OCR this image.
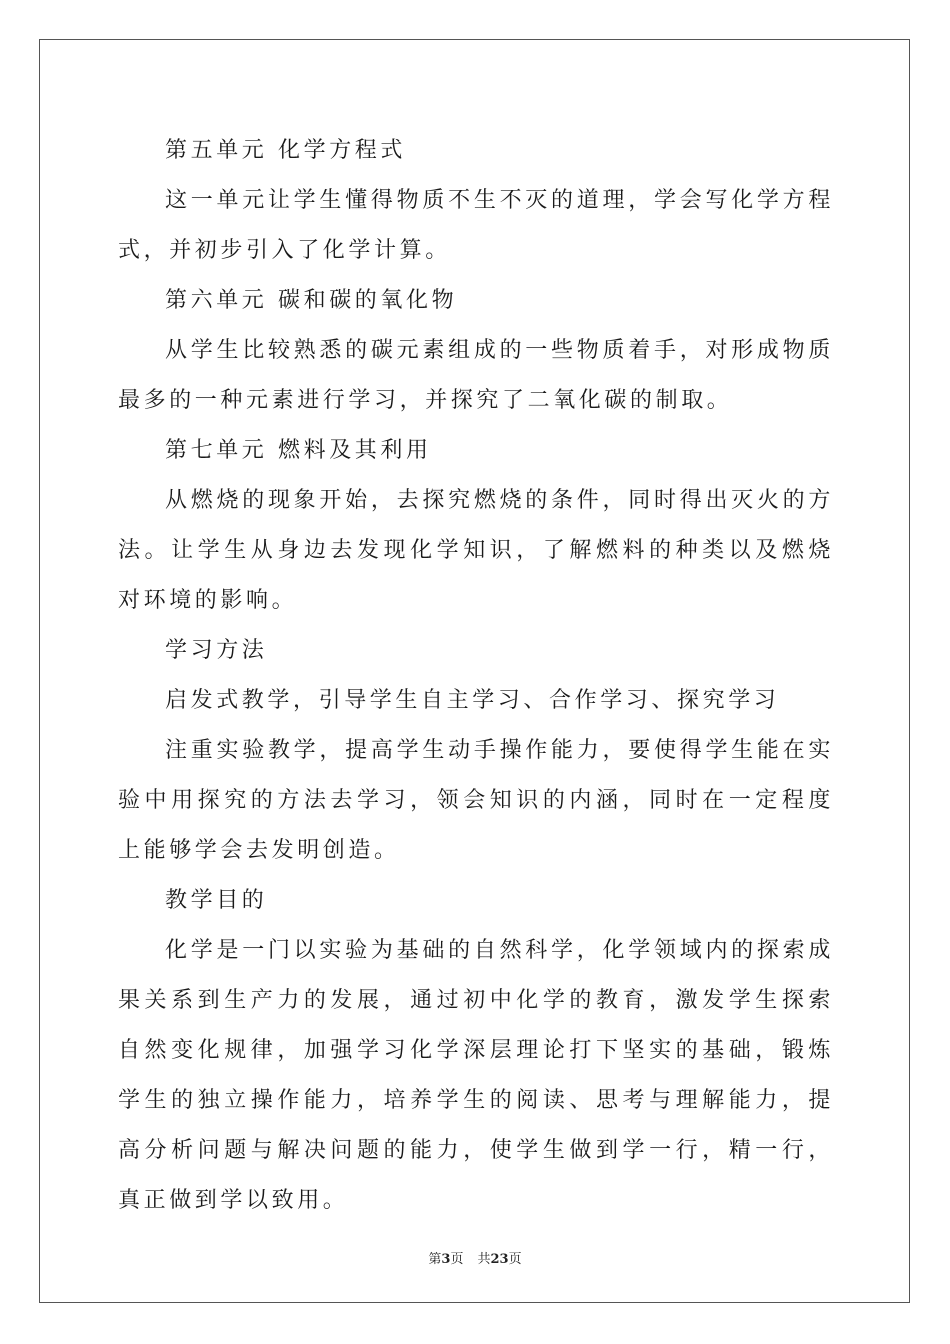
第五单元 化学方程式

这一单元让学生懂得物质不生不灭的道理，学会写化学方程式，并初步引入了化学计算。

第六单元 碳和碳的氧化物

从学生比较熟悉的碳元素组成的一些物质着手，对形成物质最多的一种元素进行学习，并探究了二氧化碳的制取。

第七单元 燃料及其利用

从燃烧的现象开始，去探究燃烧的条件，同时得出灭火的方法。让学生从身边去发现化学知识，了解燃料的种类以及燃烧对环境的影响。

学习方法

启发式教学，引导学生自主学习、合作学习、探究学习

注重实验教学，提高学生动手操作能力，要使得学生能在实验中用探究的方法去学习，领会知识的内涵，同时在一定程度上能够学会去发明创造。

教学目的

化学是一门以实验为基础的自然科学，化学领域内的探索成果关系到生产力的发展，通过初中化学的教育，激发学生探索自然变化规律，加强学习化学深层理论打下坚实的基础，锻炼学生的独立操作能力，培养学生的阅读、思考与理解能力，提高分析问题与解决问题的能力，使学生做到学一行，精一行，真正做到学以致用。

第3页 共23页
